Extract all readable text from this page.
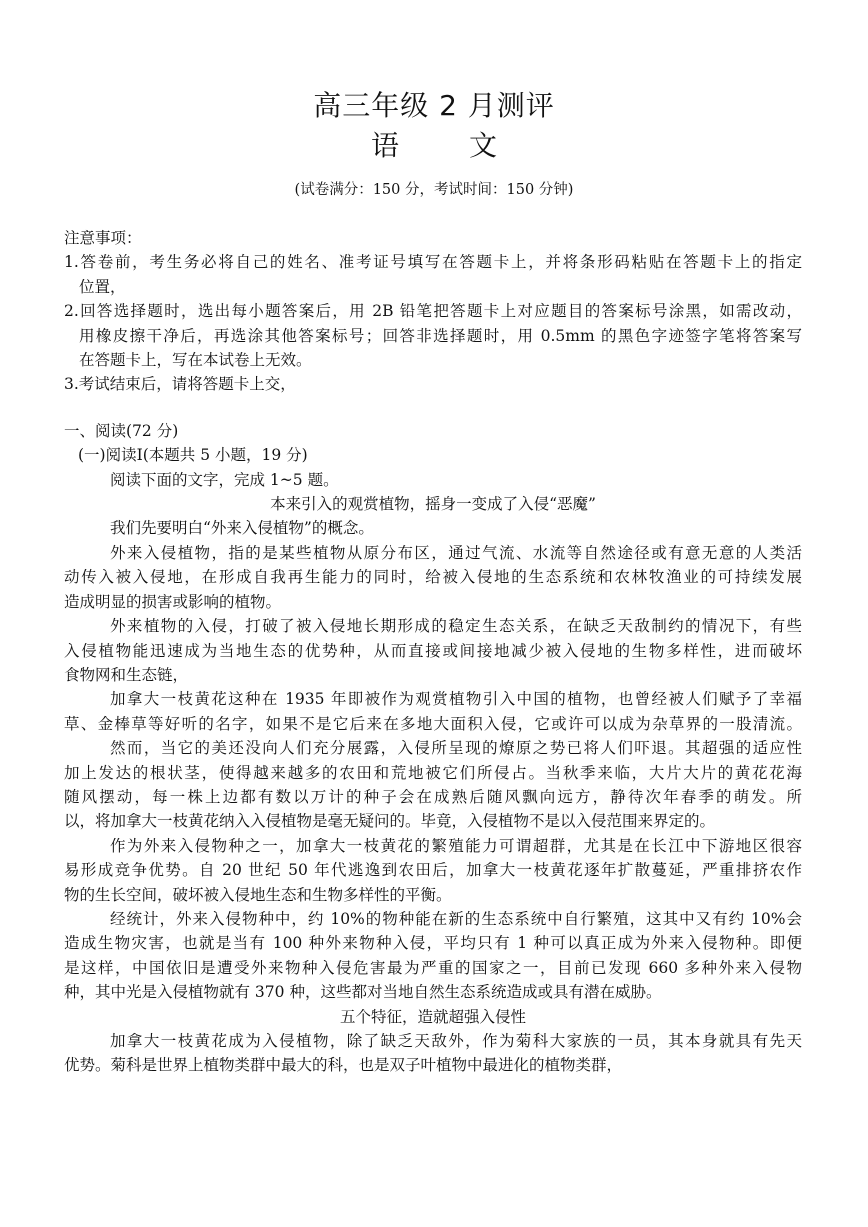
高三年级 2 月测评
语	文
(试卷满分：150 分，考试时间：150 分钟)
注意事项：
1.答卷前，考生务必将自己的姓名、准考证号填写在答题卡上，并将条形码粘贴在答题卡上的指定
位置，
2.回答选择题时，选出每小题答案后，用 2B 铅笔把答题卡上对应题目的答案标号涂黑，如需改动，
用橡皮擦干净后，再选涂其他答案标号；回答非选择题时，用 0.5mm 的黑色字迹签字笔将答案写
在答题卡上，写在本试卷上无效。
3.考试结束后，请将答题卡上交，
一、阅读(72 分)
(一)阅读Ⅰ(本题共 5 小题，19 分)
阅读下面的文字，完成 1~5 题。
本来引入的观赏植物，摇身一变成了入侵“恶魔”
我们先要明白“外来入侵植物”的概念。
外来入侵植物，指的是某些植物从原分布区，通过气流、水流等自然途径或有意无意的人类活
动传入被入侵地，在形成自我再生能力的同时，给被入侵地的生态系统和农林牧渔业的可持续发展
造成明显的损害或影响的植物。
外来植物的入侵，打破了被入侵地长期形成的稳定生态关系，在缺乏天敌制约的情况下，有些
入侵植物能迅速成为当地生态的优势种，从而直接或间接地减少被入侵地的生物多样性，进而破坏
食物网和生态链，
加拿大一枝黄花这种在 1935 年即被作为观赏植物引入中国的植物，也曾经被人们赋予了幸福
草、金棒草等好听的名字，如果不是它后来在多地大面积入侵，它或许可以成为杂草界的一股清流。
然而，当它的美还没向人们充分展露，入侵所呈现的燎原之势已将人们吓退。其超强的适应性
加上发达的根状茎，使得越来越多的农田和荒地被它们所侵占。当秋季来临，大片大片的黄花花海
随风摆动，每一株上边都有数以万计的种子会在成熟后随风飘向远方，静待次年春季的萌发。所
以，将加拿大一枝黄花纳入入侵植物是毫无疑问的。毕竟，入侵植物不是以入侵范围来界定的。
作为外来入侵物种之一，加拿大一枝黄花的繁殖能力可谓超群，尤其是在长江中下游地区很容
易形成竞争优势。自 20 世纪 50 年代逃逸到农田后，加拿大一枝黄花逐年扩散蔓延，严重排挤农作
物的生长空间，破坏被入侵地生态和生物多样性的平衡。
经统计，外来入侵物种中，约 10%的物种能在新的生态系统中自行繁殖，这其中又有约 10%会
造成生物灾害，也就是当有 100 种外来物种入侵，平均只有 1 种可以真正成为外来入侵物种。即便
是这样，中国依旧是遭受外来物种入侵危害最为严重的国家之一，目前已发现 660 多种外来入侵物
种，其中光是入侵植物就有 370 种，这些都对当地自然生态系统造成或具有潜在威胁。
五个特征，造就超强入侵性
加拿大一枝黄花成为入侵植物，除了缺乏天敌外，作为菊科大家族的一员，其本身就具有先天
优势。菊科是世界上植物类群中最大的科，也是双子叶植物中最进化的植物类群，
